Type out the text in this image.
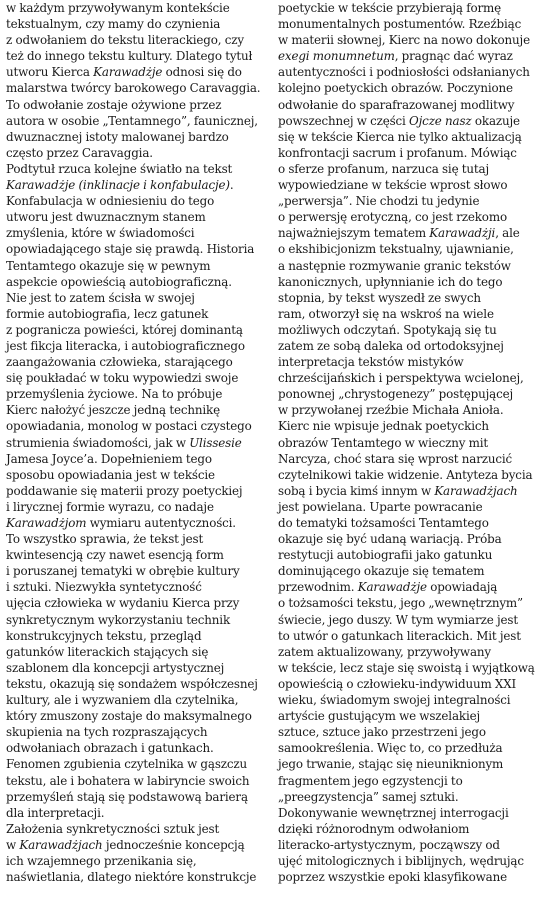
w każdym przywoływanym kontekście
tekstualnym, czy mamy do czynienia
z odwołaniem do tekstu literackiego, czy
też do innego tekstu kultury. Dlatego tytuł
utworu Kierca Karawadżje odnosi się do
malarstwa twórcy barokowego Caravaggia.
To odwołanie zostaje ożywione przez
autora w osobie „Tentamnego”, faunicznej,
dwuznacznej istoty malowanej bardzo
często przez Caravaggia.
Podtytuł rzuca kolejne światło na tekst
Karawadżje (inklinacje i konfabulacje).
Konfabulacja w odniesieniu do tego
utworu jest dwuznacznym stanem
zmyślenia, które w świadomości
opowiadającego staje się prawdą. Historia
Tentamtego okazuje się w pewnym
aspekcie opowieścią autobiograficzną.
Nie jest to zatem ścisła w swojej
formie autobiografia, lecz gatunek
z pogranicza powieści, której dominantą
jest fikcja literacka, i autobiograficznego
zaangażowania człowieka, starającego
się poukładać w toku wypowiedzi swoje
przemyślenia życiowe. Na to próbuje
Kierc nałożyć jeszcze jedną technikę
opowiadania, monolog w postaci czystego
strumienia świadomości, jak w Ulissesie
Jamesa Joyce’a. Dopełnieniem tego
sposobu opowiadania jest w tekście
poddawanie się materii prozy poetyckiej
i lirycznej formie wyrazu, co nadaje
Karawadżjom wymiaru autentyczności.
To wszystko sprawia, że tekst jest
kwintesencją czy nawet esencją form
i poruszanej tematyki w obrębie kultury
i sztuki. Niezwykła syntetyczność
ujęcia człowieka w wydaniu Kierca przy
synkretycznym wykorzystaniu technik
konstrukcyjnych tekstu, przegląd
gatunków literackich stających się
szablonem dla koncepcji artystycznej
tekstu, okazują się sondażem współczesnej
kultury, ale i wyzwaniem dla czytelnika,
który zmuszony zostaje do maksymalnego
skupienia na tych rozpraszających
odwołaniach obrazach i gatunkach.
Fenomen zgubienia czytelnika w gąszczu
tekstu, ale i bohatera w labiryncie swoich
przemyśleń stają się podstawową barierą
dla interpretacji.
Założenia synkretyczności sztuk jest
w Karawadżjach jednocześnie koncepcją
ich wzajemnego przenikania się,
naświetlania, dlatego niektóre konstrukcje
poetyckie w tekście przybierają formę
monumentalnych postumentów. Rzeźbiąc
w materii słownej, Kierc na nowo dokonuje
exegi monumnetum, pragnąc dać wyraz
autentyczności i podniosłości odsłanianych
kolejno poetyckich obrazów. Poczynione
odwołanie do sparafrazowanej modlitwy
powszechnej w części Ojcze nasz okazuje
się w tekście Kierca nie tylko aktualizacją
konfrontacji sacrum i profanum. Mówiąc
o sferze profanum, narzuca się tutaj
wypowiedziane w tekście wprost słowo
„perwersja”. Nie chodzi tu jedynie
o perwersję erotyczną, co jest rzekomo
najważniejszym tematem Karawadżji, ale
o ekshibicjonizm tekstualny, ujawnianie,
a następnie rozmywanie granic tekstów
kanonicznych, upłynnianie ich do tego
stopnia, by tekst wyszedł ze swych
ram, otworzył się na wskroś na wiele
możliwych odczytań. Spotykają się tu
zatem ze sobą daleka od ortodoksyjnej
interpretacja tekstów mistyków
chrześcijańskich i perspektywa wcielonej,
ponownej „chrystogenezy” postępującej
w przywołanej rzeźbie Michała Anioła.
Kierc nie wpisuje jednak poetyckich
obrazów Tentamtego w wieczny mit
Narcyza, choć stara się wprost narzucić
czytelnikowi takie widzenie. Antyteza bycia
sobą i bycia kimś innym w Karawadżjach
jest powielana. Uparte powracanie
do tematyki tożsamości Tentamtego
okazuje się być udaną wariacją. Próba
restytucji autobiografii jako gatunku
dominującego okazuje się tematem
przewodnim. Karawadżje opowiadają
o tożsamości tekstu, jego „wewnętrznym”
świecie, jego duszy. W tym wymiarze jest
to utwór o gatunkach literackich. Mit jest
zatem aktualizowany, przywoływany
w tekście, lecz staje się swoistą i wyjątkową
opowieścią o człowieku-indywiduum XXI
wieku, świadomym swojej integralności
artyście gustującym we wszelakiej
sztuce, sztuce jako przestrzeni jego
samookreślenia. Więc to, co przedłuża
jego trwanie, stając się nieuniknionym
fragmentem jego egzystencji to
„preegzystencja” samej sztuki.
Dokonywanie wewnętrznej interrogacji
dzięki różnorodnym odwołaniom
literacko-artystycznym, począwszy od
ujęć mitologicznych i biblijnych, wędrując
poprzez wszystkie epoki klasyfikowane
